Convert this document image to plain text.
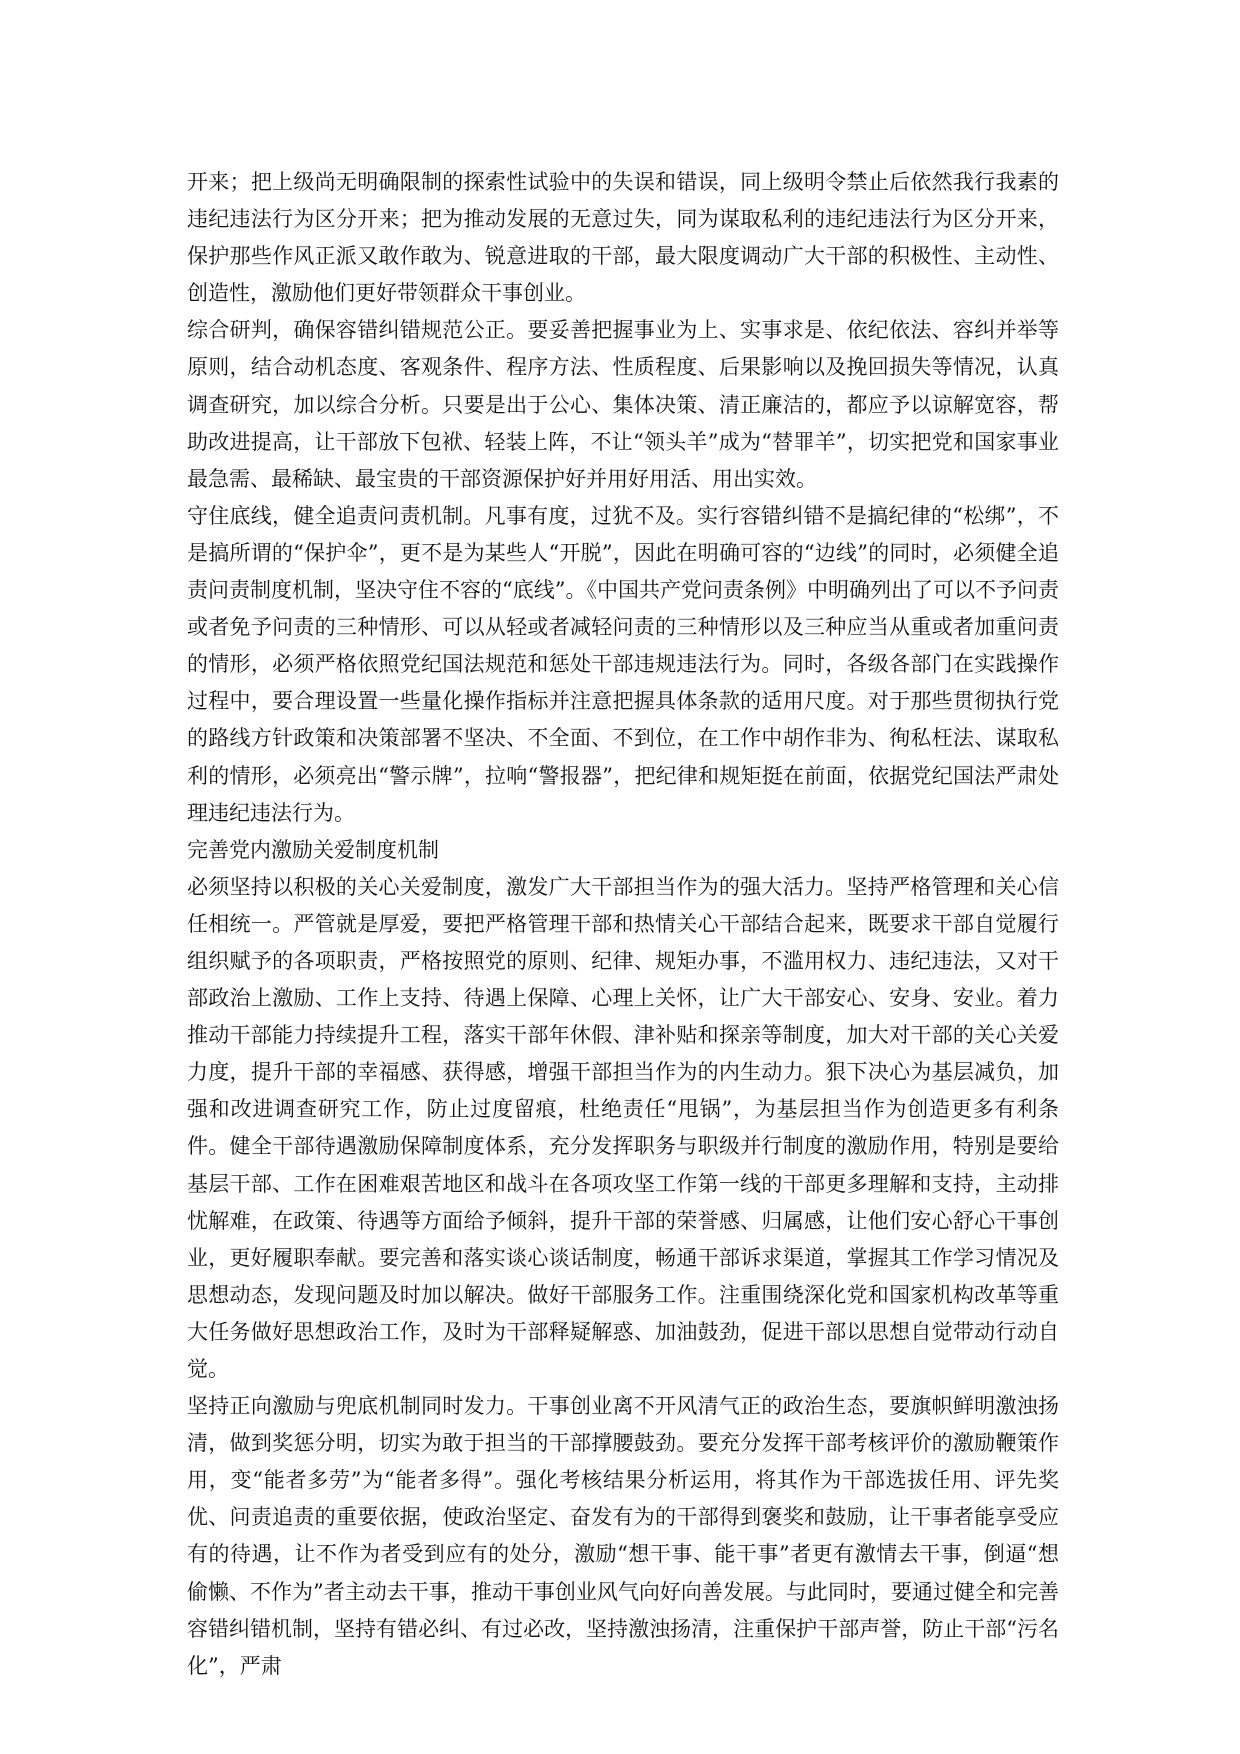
开来；把上级尚无明确限制的探索性试验中的失误和错误，同上级明令禁止后依然我行我素的违纪违法行为区分开来；把为推动发展的无意过失，同为谋取私利的违纪违法行为区分开来，保护那些作风正派又敢作敢为、锐意进取的干部，最大限度调动广大干部的积极性、主动性、创造性，激励他们更好带领群众干事创业。

综合研判，确保容错纠错规范公正。要妥善把握事业为上、实事求是、依纪依法、容纠并举等原则，结合动机态度、客观条件、程序方法、性质程度、后果影响以及挽回损失等情况，认真调查研究，加以综合分析。只要是出于公心、集体决策、清正廉洁的，都应予以谅解宽容，帮助改进提高，让干部放下包袱、轻装上阵，不让“领头羊”成为“替罪羊”，切实把党和国家事业最急需、最稀缺、最宝贵的干部资源保护好并用好用活、用出实效。

守住底线，健全追责问责机制。凡事有度，过犹不及。实行容错纠错不是搞纪律的“松绑”，不是搞所谓的“保护伞”，更不是为某些人“开脱”，因此在明确可容的“边线”的同时，必须健全追责问责制度机制，坚决守住不容的“底线”。《中国共产党问责条例》中明确列出了可以不予问责或者免予问责的三种情形、可以从轻或者减轻问责的三种情形以及三种应当从重或者加重问责的情形，必须严格依照党纪国法规范和惩处干部违规违法行为。同时，各级各部门在实践操作过程中，要合理设置一些量化操作指标并注意把握具体条款的适用尺度。对于那些贯彻执行党的路线方针政策和决策部署不坚决、不全面、不到位，在工作中胡作非为、徇私枉法、谋取私利的情形，必须亮出“警示牌”，拉响“警报器”，把纪律和规矩挺在前面，依据党纪国法严肃处理违纪违法行为。

完善党内激励关爱制度机制

必须坚持以积极的关心关爱制度，激发广大干部担当作为的强大活力。坚持严格管理和关心信任相统一。严管就是厚爱，要把严格管理干部和热情关心干部结合起来，既要求干部自觉履行组织赋予的各项职责，严格按照党的原则、纪律、规矩办事，不滥用权力、违纪违法，又对干部政治上激励、工作上支持、待遇上保障、心理上关怀，让广大干部安心、安身、安业。着力推动干部能力持续提升工程，落实干部年休假、津补贴和探亲等制度，加大对干部的关心关爱力度，提升干部的幸福感、获得感，增强干部担当作为的内生动力。狠下决心为基层减负，加强和改进调查研究工作，防止过度留痕，杜绝责任“甩锅”，为基层担当作为创造更多有利条件。健全干部待遇激励保障制度体系，充分发挥职务与职级并行制度的激励作用，特别是要给基层干部、工作在困难艰苦地区和战斗在各项攻坚工作第一线的干部更多理解和支持，主动排忧解难，在政策、待遇等方面给予倾斜，提升干部的荣誉感、归属感，让他们安心舒心干事创业，更好履职奉献。要完善和落实谈心谈话制度，畅通干部诉求渠道，掌握其工作学习情况及思想动态，发现问题及时加以解决。做好干部服务工作。注重围绕深化党和国家机构改革等重大任务做好思想政治工作，及时为干部释疑解惑、加油鼓劲，促进干部以思想自觉带动行动自觉。

坚持正向激励与兜底机制同时发力。干事创业离不开风清气正的政治生态，要旗帜鲜明激浊扬清，做到奖惩分明，切实为敢于担当的干部撑腰鼓劲。要充分发挥干部考核评价的激励鞭策作用，变“能者多劳”为“能者多得”。强化考核结果分析运用，将其作为干部选拔任用、评先奖优、问责追责的重要依据，使政治坚定、奋发有为的干部得到褒奖和鼓励，让干事者能享受应有的待遇，让不作为者受到应有的处分，激励“想干事、能干事”者更有激情去干事，倒逼“想偷懒、不作为”者主动去干事，推动干事创业风气向好向善发展。与此同时，要通过健全和完善容错纠错机制，坚持有错必纠、有过必改，坚持激浊扬清，注重保护干部声誉，防止干部“污名化”，严肃
